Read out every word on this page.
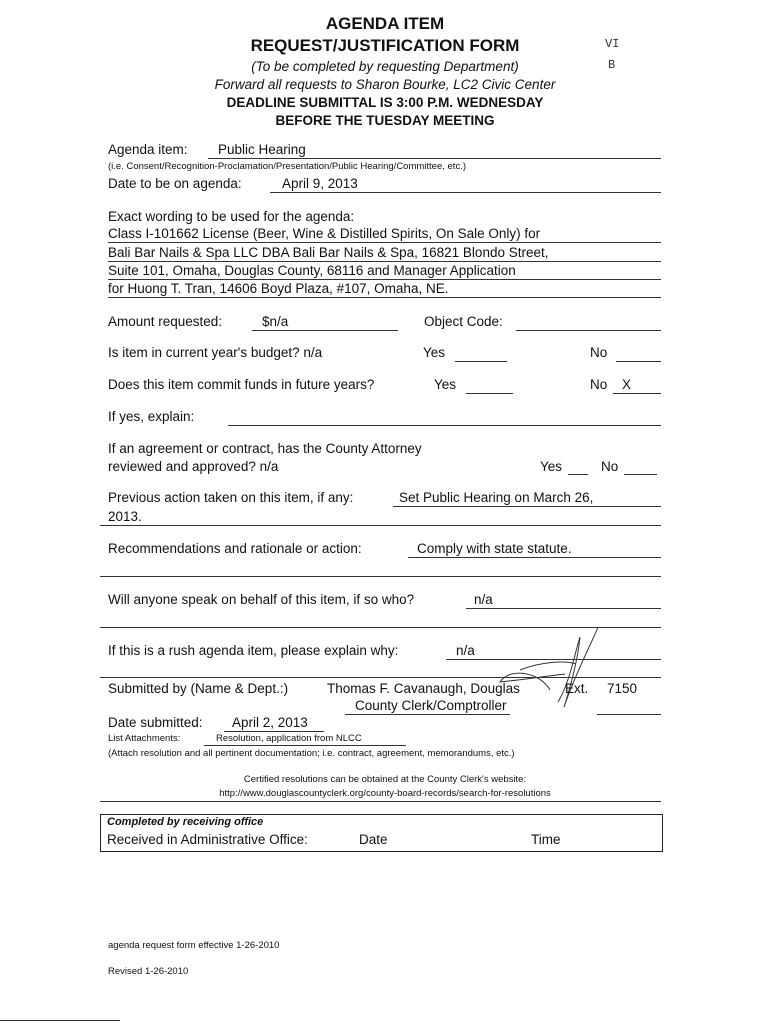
AGENDA ITEM
REQUEST/JUSTIFICATION FORM
(To be completed by requesting Department)
Forward all requests to Sharon Bourke, LC2 Civic Center
DEADLINE SUBMITTAL IS 3:00 P.M. WEDNESDAY
BEFORE THE TUESDAY MEETING
VI
B
Agenda item: Public Hearing
(i.e. Consent/Recognition-Proclamation/Presentation/Public Hearing/Committee, etc.)
Date to be on agenda:	April 9, 2013
Exact wording to be used for the agenda:
Class I-101662 License (Beer, Wine & Distilled Spirits, On Sale Only) for
Bali Bar Nails & Spa LLC DBA Bali Bar Nails & Spa, 16821 Blondo Street,
Suite 101, Omaha, Douglas County, 68116 and Manager Application
for Huong T. Tran, 14606 Boyd Plaza, #107, Omaha, NE.
Amount requested:	$n/a	Object Code:
Is item in current year's budget? n/a	Yes	No
Does this item commit funds in future years?	Yes	No X
If yes, explain:
If an agreement or contract, has the County Attorney
reviewed and approved? n/a	Yes	No
Previous action taken on this item, if any:	Set Public Hearing on March 26,
2013.
Recommendations and rationale or action:	Comply with state statute.
Will anyone speak on behalf of this item, if so who?	n/a
If this is a rush agenda item, please explain why:	n/a
Submitted by (Name & Dept.:)	Thomas F. Cavanaugh, Douglas	Ext. 7150
County Clerk/Comptroller
Date submitted: April 2, 2013
List Attachments:	Resolution, application from NLCC
(Attach resolution and all pertinent documentation; i.e. contract, agreement, memorandums, etc.)
Certified resolutions can be obtained at the County Clerk's website:
http://www.douglascountyclerk.org/county-board-records/search-for-resolutions
Completed by receiving office
Received in Administrative Office:	Date	Time
agenda request form effective 1-26-2010
Revised 1-26-2010
